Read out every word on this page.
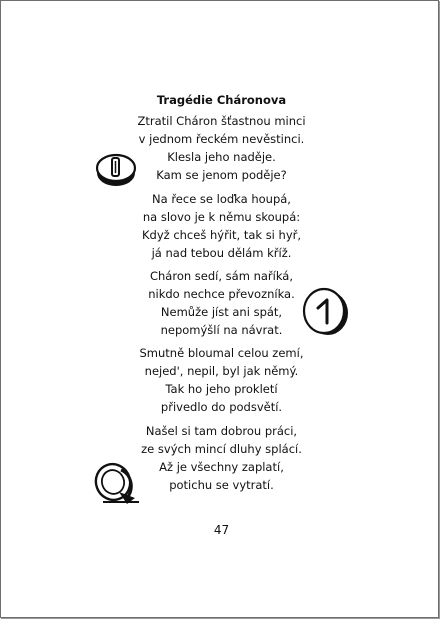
Tragédie Cháronova
Ztratil Cháron šťastnou minci
v jednom řeckém nevěstinci.
Klesla jeho naděje.
Kam se jenom poděje?
Na řece se loďka houpá,
na slovo je k němu skoupá:
Když chceš hýřit, tak si hyř,
já nad tebou dělám kříž.
Cháron sedí, sám naříká,
nikdo nechce převozníka.
Nemůže jíst ani spát,
nepomýšlí na návrat.
Smutně bloumal celou zemí,
nejed', nepil, byl jak němý.
Tak ho jeho prokletí
přivedlo do podsvětí.
Našel si tam dobrou práci,
ze svých mincí dluhy splácí.
Až je všechny zaplatí,
potichu se vytratí.
47
